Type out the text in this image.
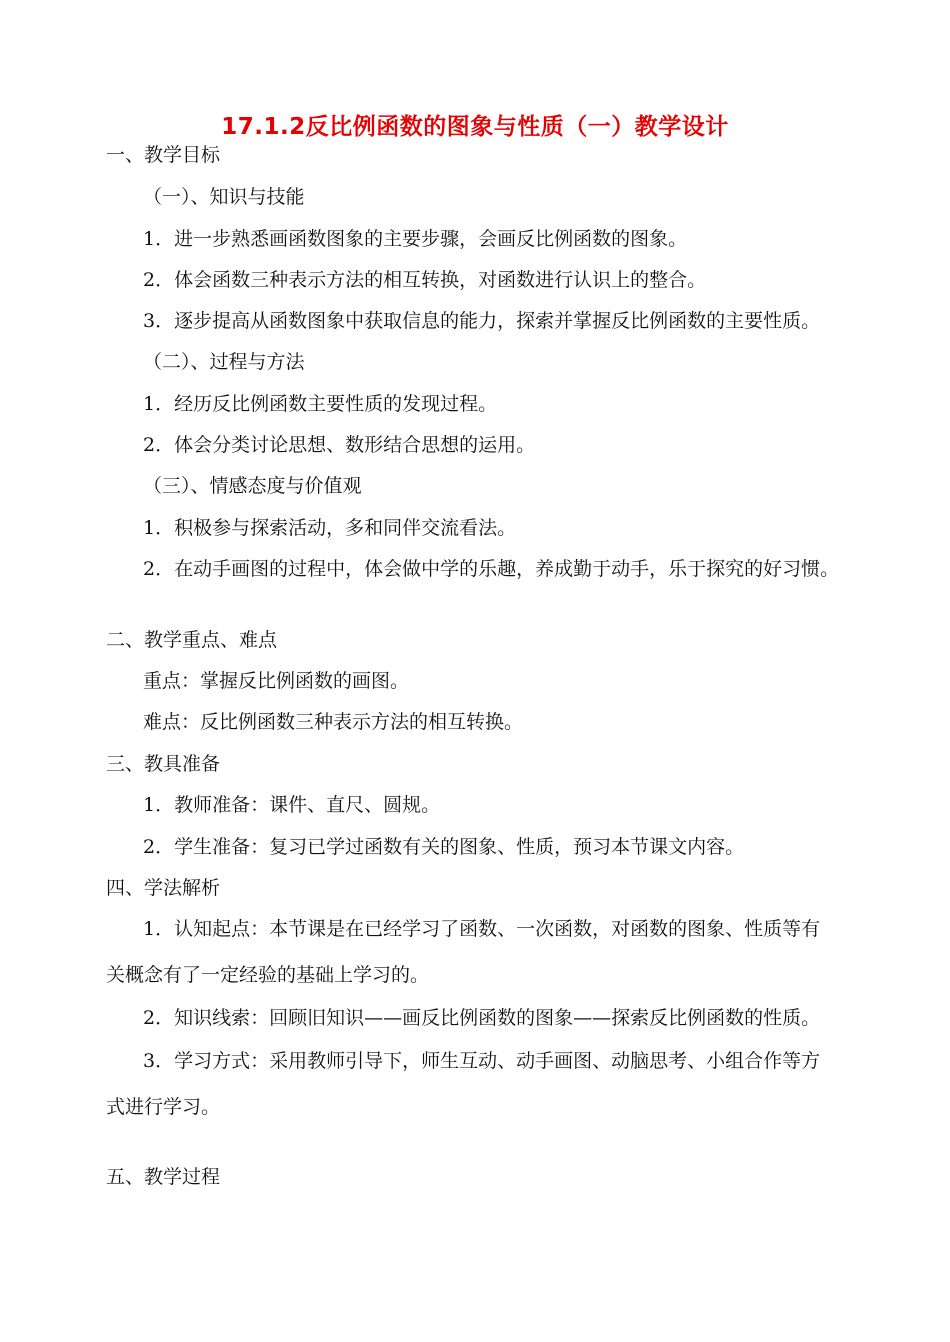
17.1.2反比例函数的图象与性质（一）教学设计
一、教学目标
（一）、知识与技能
1．进一步熟悉画函数图象的主要步骤，会画反比例函数的图象。
2．体会函数三种表示方法的相互转换，对函数进行认识上的整合。
3．逐步提高从函数图象中获取信息的能力，探索并掌握反比例函数的主要性质。
（二）、过程与方法
1．经历反比例函数主要性质的发现过程。
2．体会分类讨论思想、数形结合思想的运用。
（三）、情感态度与价值观
1．积极参与探索活动，多和同伴交流看法。
2．在动手画图的过程中，体会做中学的乐趣，养成勤于动手，乐于探究的好习惯。
二、教学重点、难点
重点：掌握反比例函数的画图。
难点：反比例函数三种表示方法的相互转换。
三、教具准备
1．教师准备：课件、直尺、圆规。
2．学生准备：复习已学过函数有关的图象、性质，预习本节课文内容。
四、学法解析
1．认知起点：本节课是在已经学习了函数、一次函数，对函数的图象、性质等有
关概念有了一定经验的基础上学习的。
2．知识线索：回顾旧知识——画反比例函数的图象——探索反比例函数的性质。
3．学习方式：采用教师引导下，师生互动、动手画图、动脑思考、小组合作等方
式进行学习。
五、教学过程
